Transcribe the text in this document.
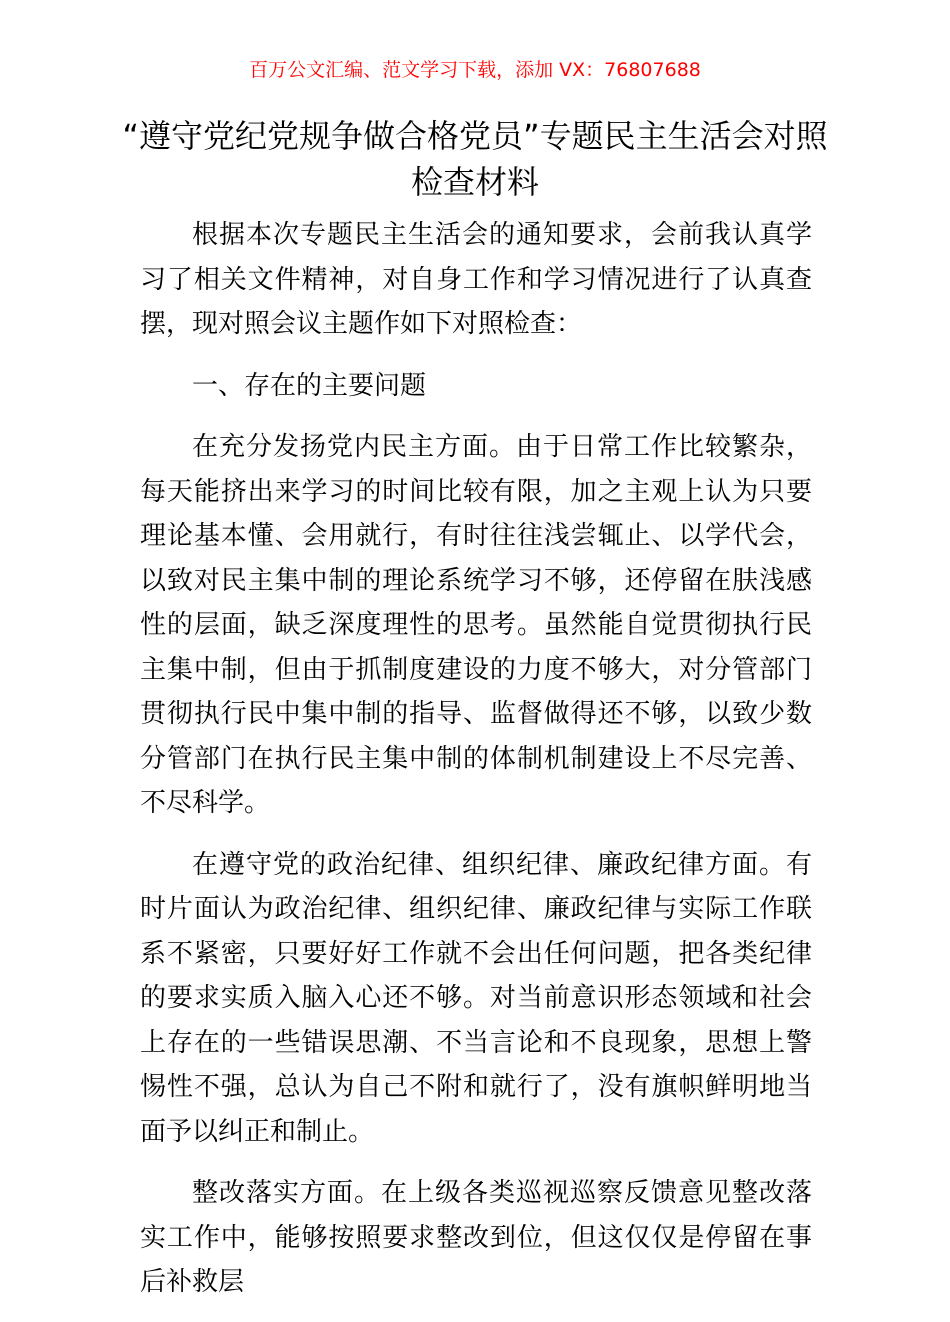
百万公文汇编、范文学习下载，添加 VX：76807688
“遵守党纪党规争做合格党员”专题民主生活会对照检查材料

根据本次专题民主生活会的通知要求，会前我认真学习了相关文件精神，对自身工作和学习情况进行了认真查摆，现对照会议主题作如下对照检查：

一、存在的主要问题

在充分发扬党内民主方面。由于日常工作比较繁杂，每天能挤出来学习的时间比较有限，加之主观上认为只要理论基本懂、会用就行，有时往往浅尝辄止、以学代会，以致对民主集中制的理论系统学习不够，还停留在肤浅感性的层面，缺乏深度理性的思考。虽然能自觉贯彻执行民主集中制，但由于抓制度建设的力度不够大，对分管部门贯彻执行民中集中制的指导、监督做得还不够，以致少数分管部门在执行民主集中制的体制机制建设上不尽完善、不尽科学。

在遵守党的政治纪律、组织纪律、廉政纪律方面。有时片面认为政治纪律、组织纪律、廉政纪律与实际工作联系不紧密，只要好好工作就不会出任何问题，把各类纪律的要求实质入脑入心还不够。对当前意识形态领域和社会上存在的一些错误思潮、不当言论和不良现象，思想上警惕性不强，总认为自己不附和就行了，没有旗帜鲜明地当面予以纠正和制止。

整改落实方面。在上级各类巡视巡察反馈意见整改落实工作中，能够按照要求整改到位，但这仅仅是停留在事后补救层
